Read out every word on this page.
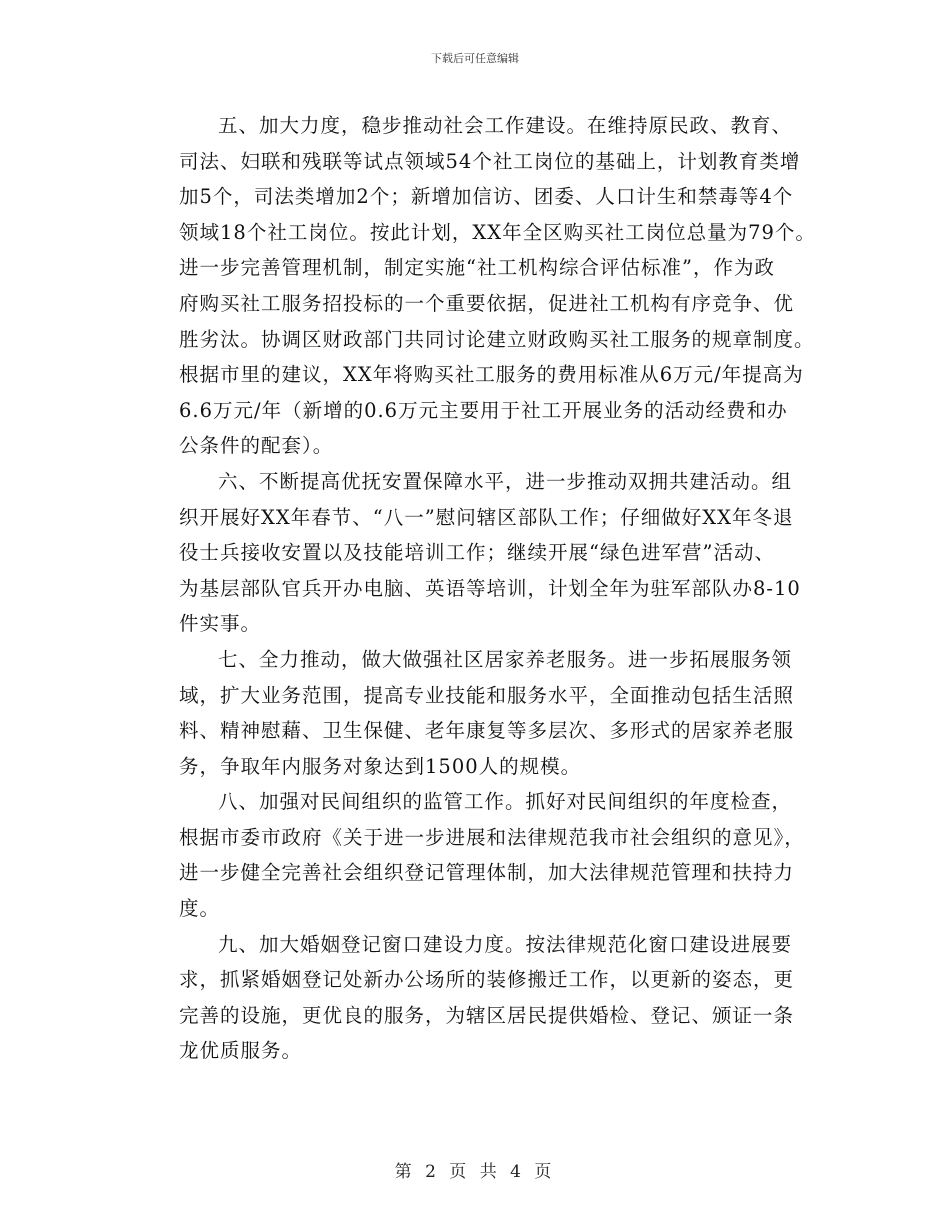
下载后可任意编辑
五、加大力度，稳步推动社会工作建设。在维持原民政、教育、
司法、妇联和残联等试点领域54个社工岗位的基础上，计划教育类增
加5个，司法类增加2个；新增加信访、团委、人口计生和禁毒等4个
领域18个社工岗位。按此计划，XX年全区购买社工岗位总量为79个。
进一步完善管理机制，制定实施“社工机构综合评估标准”，作为政
府购买社工服务招投标的一个重要依据，促进社工机构有序竞争、优
胜劣汰。协调区财政部门共同讨论建立财政购买社工服务的规章制度。
根据市里的建议，XX年将购买社工服务的费用标准从6万元/年提高为
6.6万元/年（新增的0.6万元主要用于社工开展业务的活动经费和办
公条件的配套）。
六、不断提高优抚安置保障水平，进一步推动双拥共建活动。组
织开展好XX年春节、“八一”慰问辖区部队工作；仔细做好XX年冬退
役士兵接收安置以及技能培训工作；继续开展“绿色进军营”活动、
为基层部队官兵开办电脑、英语等培训，计划全年为驻军部队办8-10
件实事。
七、全力推动，做大做强社区居家养老服务。进一步拓展服务领
域，扩大业务范围，提高专业技能和服务水平，全面推动包括生活照
料、精神慰藉、卫生保健、老年康复等多层次、多形式的居家养老服
务，争取年内服务对象达到1500人的规模。
八、加强对民间组织的监管工作。抓好对民间组织的年度检查，
根据市委市政府《关于进一步进展和法律规范我市社会组织的意见》，
进一步健全完善社会组织登记管理体制，加大法律规范管理和扶持力
度。
九、加大婚姻登记窗口建设力度。按法律规范化窗口建设进展要
求，抓紧婚姻登记处新办公场所的装修搬迁工作，以更新的姿态，更
完善的设施，更优良的服务，为辖区居民提供婚检、登记、颁证一条
龙优质服务。
第 2 页 共 4 页
